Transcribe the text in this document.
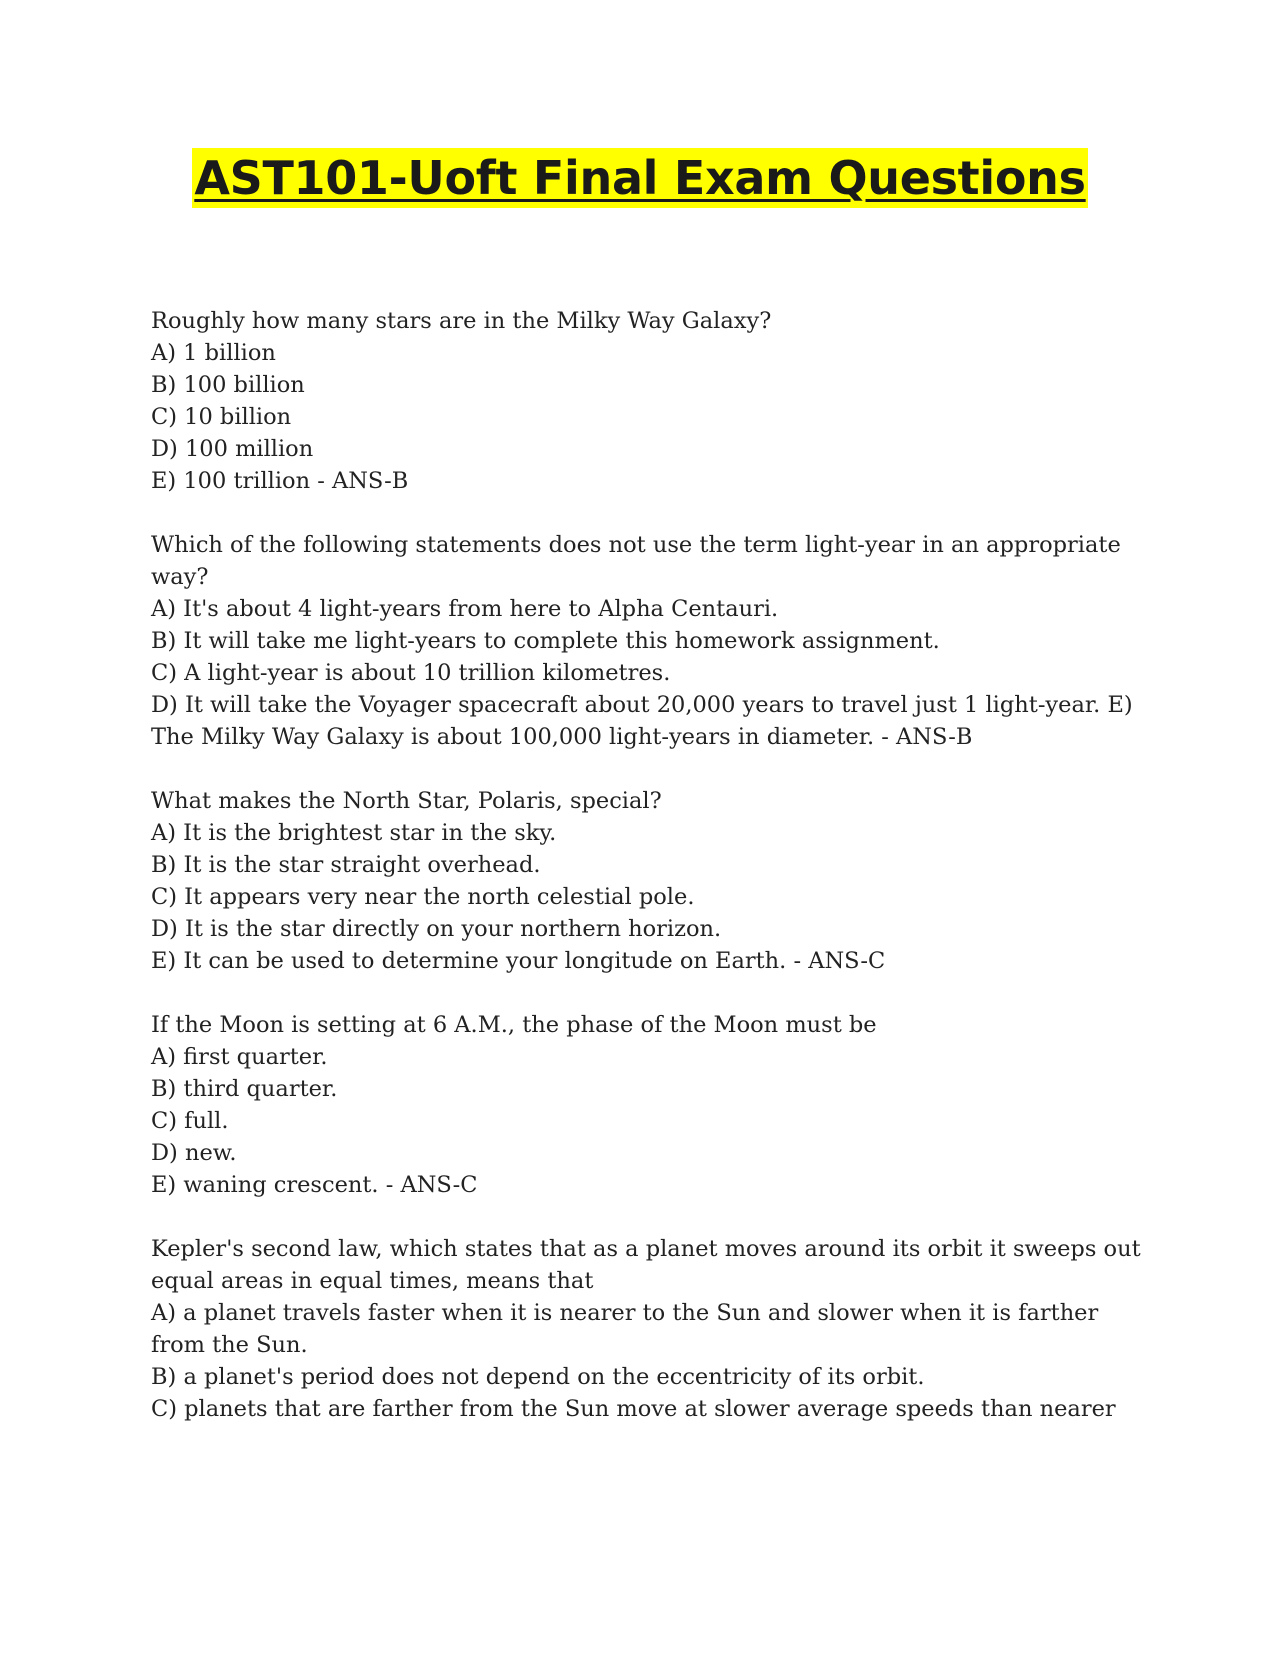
AST101-Uoft Final Exam Questions
Roughly how many stars are in the Milky Way Galaxy?
A) 1 billion
B) 100 billion
C) 10 billion
D) 100 million
E) 100 trillion - ANS-B
Which of the following statements does not use the term light-year in an appropriate way?
A) It's about 4 light-years from here to Alpha Centauri.
B) It will take me light-years to complete this homework assignment.
C) A light-year is about 10 trillion kilometres.
D) It will take the Voyager spacecraft about 20,000 years to travel just 1 light-year. E) The Milky Way Galaxy is about 100,000 light-years in diameter. - ANS-B
What makes the North Star, Polaris, special?
A) It is the brightest star in the sky.
B) It is the star straight overhead.
C) It appears very near the north celestial pole.
D) It is the star directly on your northern horizon.
E) It can be used to determine your longitude on Earth. - ANS-C
If the Moon is setting at 6 A.M., the phase of the Moon must be
A) first quarter.
B) third quarter.
C) full.
D) new.
E) waning crescent. - ANS-C
Kepler's second law, which states that as a planet moves around its orbit it sweeps out equal areas in equal times, means that
A) a planet travels faster when it is nearer to the Sun and slower when it is farther from the Sun.
B) a planet's period does not depend on the eccentricity of its orbit.
C) planets that are farther from the Sun move at slower average speeds than nearer
